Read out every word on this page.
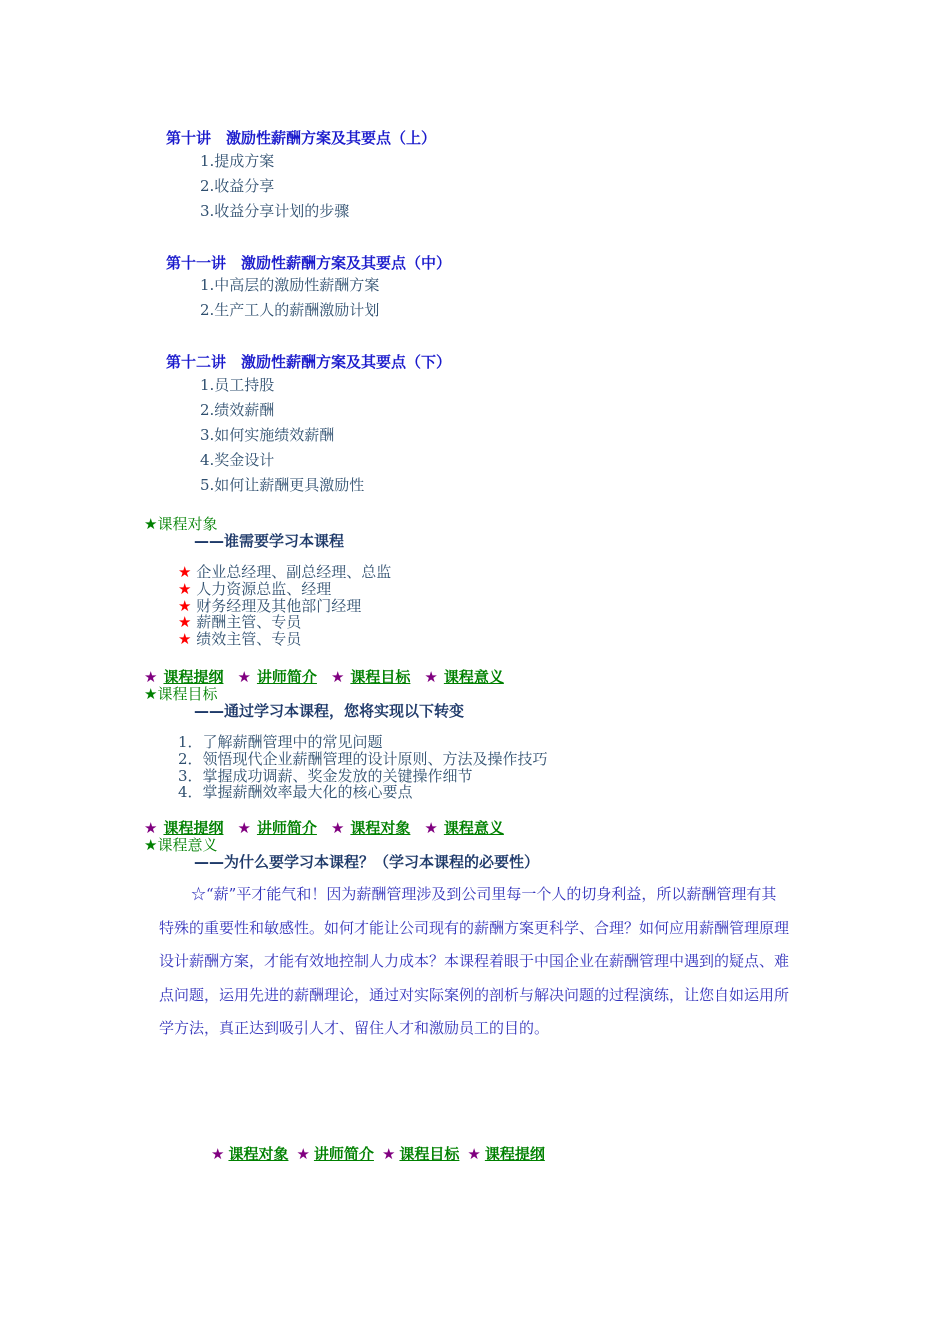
第十讲　激励性薪酬方案及其要点（上）
1.提成方案
2.收益分享
3.收益分享计划的步骤
第十一讲　激励性薪酬方案及其要点（中）
1.中高层的激励性薪酬方案
2.生产工人的薪酬激励计划
第十二讲　激励性薪酬方案及其要点（下）
1.员工持股
2.绩效薪酬
3.如何实施绩效薪酬
4.奖金设计
5.如何让薪酬更具激励性
★课程对象
——谁需要学习本课程
★ 企业总经理、副总经理、总监
★ 人力资源总监、经理
★ 财务经理及其他部门经理
★ 薪酬主管、专员
★ 绩效主管、专员
★ 课程提纲 ★ 讲师简介 ★ 课程目标 ★ 课程意义
★课程目标
——通过学习本课程，您将实现以下转变
1．了解薪酬管理中的常见问题
2．领悟现代企业薪酬管理的设计原则、方法及操作技巧
3．掌握成功调薪、奖金发放的关键操作细节
4．掌握薪酬效率最大化的核心要点
★ 课程提纲 ★ 讲师简介 ★ 课程对象 ★ 课程意义
★课程意义
——为什么要学习本课程？（学习本课程的必要性）
☆“薪”平才能气和！因为薪酬管理涉及到公司里每一个人的切身利益，所以薪酬管理有其特殊的重要性和敏感性。如何才能让公司现有的薪酬方案更科学、合理？如何应用薪酬管理原理设计薪酬方案，才能有效地控制人力成本？本课程着眼于中国企业在薪酬管理中遇到的疑点、难点问题，运用先进的薪酬理论，通过对实际案例的剖析与解决问题的过程演练，让您自如运用所学方法，真正达到吸引人才、留住人才和激励员工的目的。
★ 课程对象 ★ 讲师简介 ★ 课程目标 ★ 课程提纲
